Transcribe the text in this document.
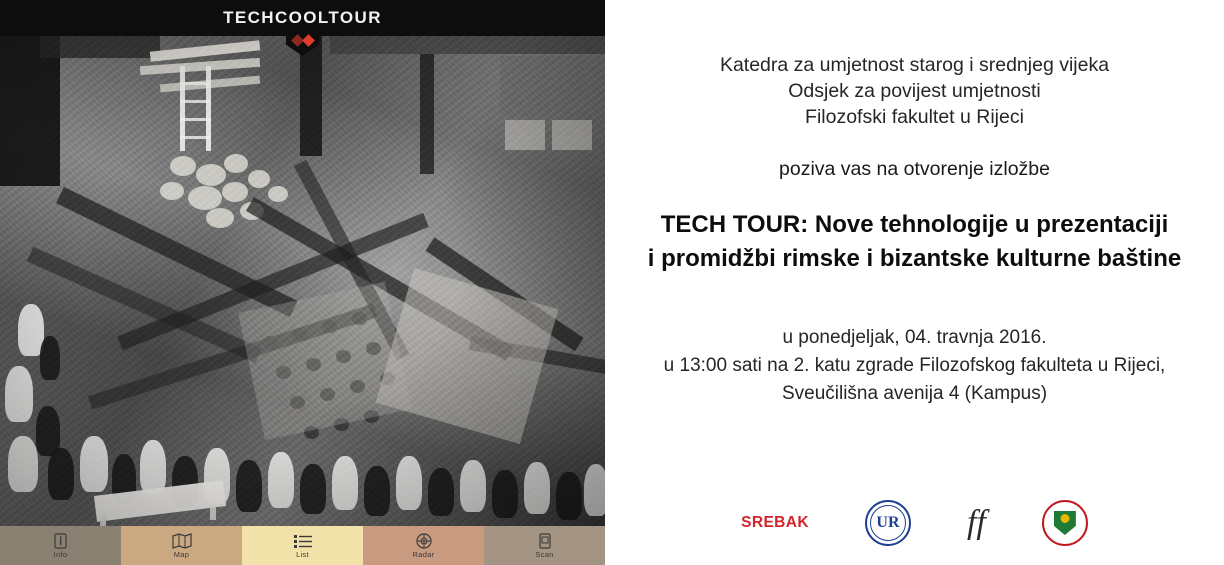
TECHCOOLTOUR
Info	Map	List	Radar	Scan
Katedra za umjetnost starog i srednjeg vijeka
Odsjek za povijest umjetnosti
Filozofski fakultet u Rijeci
poziva vas na otvorenje izložbe
TECH TOUR: Nove tehnologije u prezentaciji
i promidžbi rimske i bizantske kulturne baštine
u ponedjeljak, 04. travnja 2016.
u 13:00 sati na 2. katu zgrade Filozofskog fakulteta u Rijeci,
Sveučilišna avenija 4 (Kampus)
SREBAK	UR ff
